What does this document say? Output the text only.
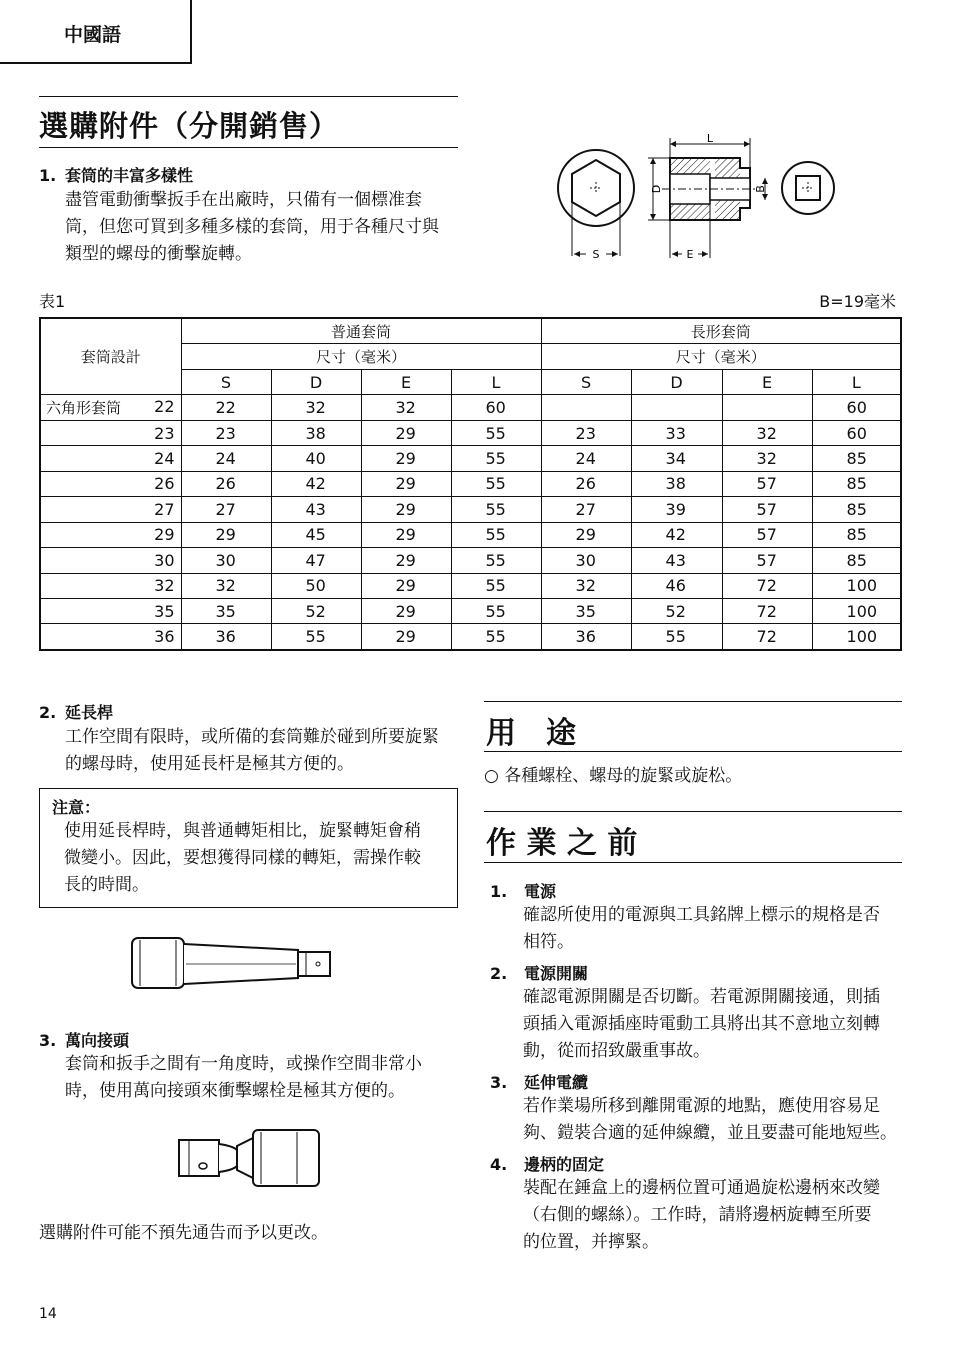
中國語
選購附件（分開銷售）
1. 套筒的丰富多樣性
盡管電動衝擊扳手在出廠時，只備有一個標准套
筒，但您可買到多種多樣的套筒，用于各種尺寸與
類型的螺母的衝擊旋轉。	S
L
D
E
B
表1	B=19毫米
套筒設計	普通套筒				長形套筒			
	尺寸（毫米）				尺寸（毫米）			
	S	D	E	L	S	D	E	L

六角形套筒 22	22	32	32	60				60
23	23	38	29	55	23	33	32	60
24	24	40	29	55	24	34	32	85
26	26	42	29	55	26	38	57	85
27	27	43	29	55	27	39	57	85
29	29	45	29	55	29	42	57	85
30	30	47	29	55	30	43	57	85
32	32	50	29	55	32	46	72	100
35	35	52	29	55	35	52	72	100
36	36	55	29	55	36	55	72	100
2. 延長桿
工作空間有限時，或所備的套筒難於碰到所要旋緊
的螺母時，使用延長杆是極其方便的。
注意：
使用延長桿時，與普通轉矩相比，旋緊轉矩會稍
微變小。因此，要想獲得同樣的轉矩，需操作較
長的時間。
3. 萬向接頭
套筒和扳手之間有一角度時，或操作空間非常小
時，使用萬向接頭來衝擊螺栓是極其方便的。
選購附件可能不預先通告而予以更改。
用　途
○ 各種螺栓、螺母的旋緊或旋松。
作 業 之 前
1. 電源
確認所使用的電源與工具銘牌上標示的規格是否
相符。
2. 電源開關
確認電源開關是否切斷。若電源開關接通，則插
頭插入電源插座時電動工具將出其不意地立刻轉
動，從而招致嚴重事故。
3. 延伸電纜
若作業場所移到離開電源的地點，應使用容易足
夠、鎧裝合適的延伸線纜，並且要盡可能地短些。
4. 邊柄的固定
裝配在錘盒上的邊柄位置可通過旋松邊柄來改變
（右側的螺絲）。工作時，請將邊柄旋轉至所要
的位置，并擰緊。
14
